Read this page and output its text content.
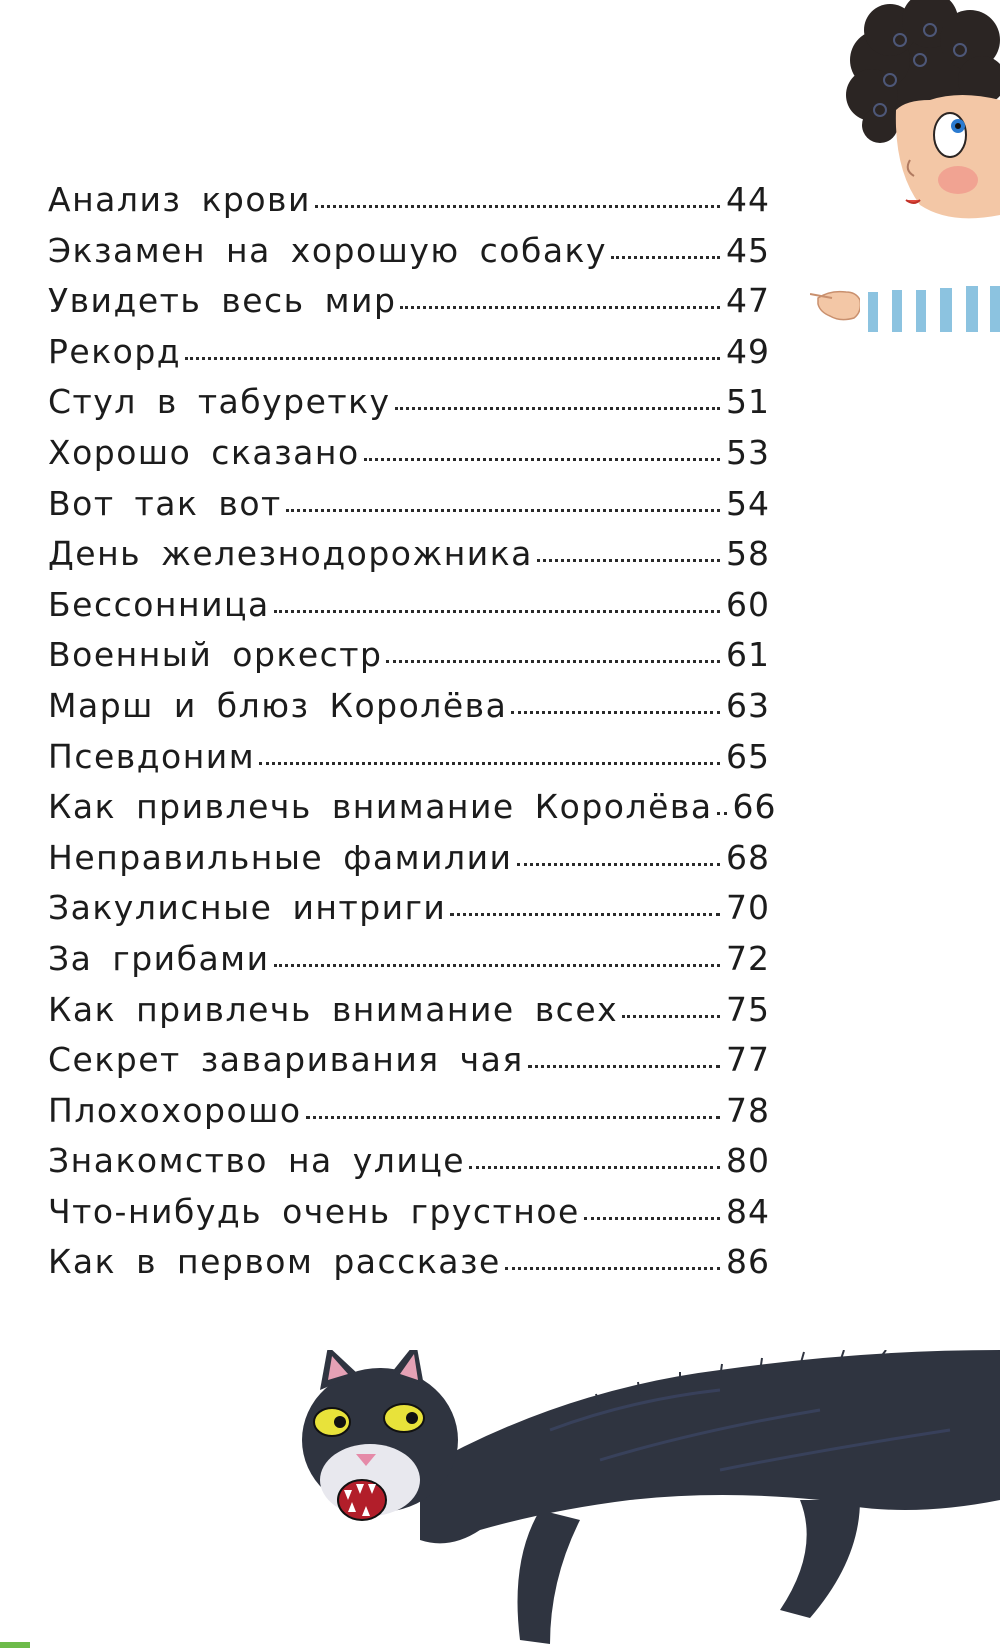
Анализ крови	44
Экзамен на хорошую собаку	45
Увидеть весь мир	47
Рекорд	49
Стул в табуретку	51
Хорошо сказано	53
Вот так вот	54
День железнодорожника	58
Бессонница	60
Военный оркестр	61
Марш и блюз Королёва	63
Псевдоним	65
Как привлечь внимание Королёва 66
Неправильные фамилии	68
Закулисные интриги	70
За грибами	72
Как привлечь внимание всех	75
Секрет заваривания чая	77
Плохохорошо	78
Знакомство на улице	80
Что-нибудь очень грустное	84
Как в первом рассказе	86
